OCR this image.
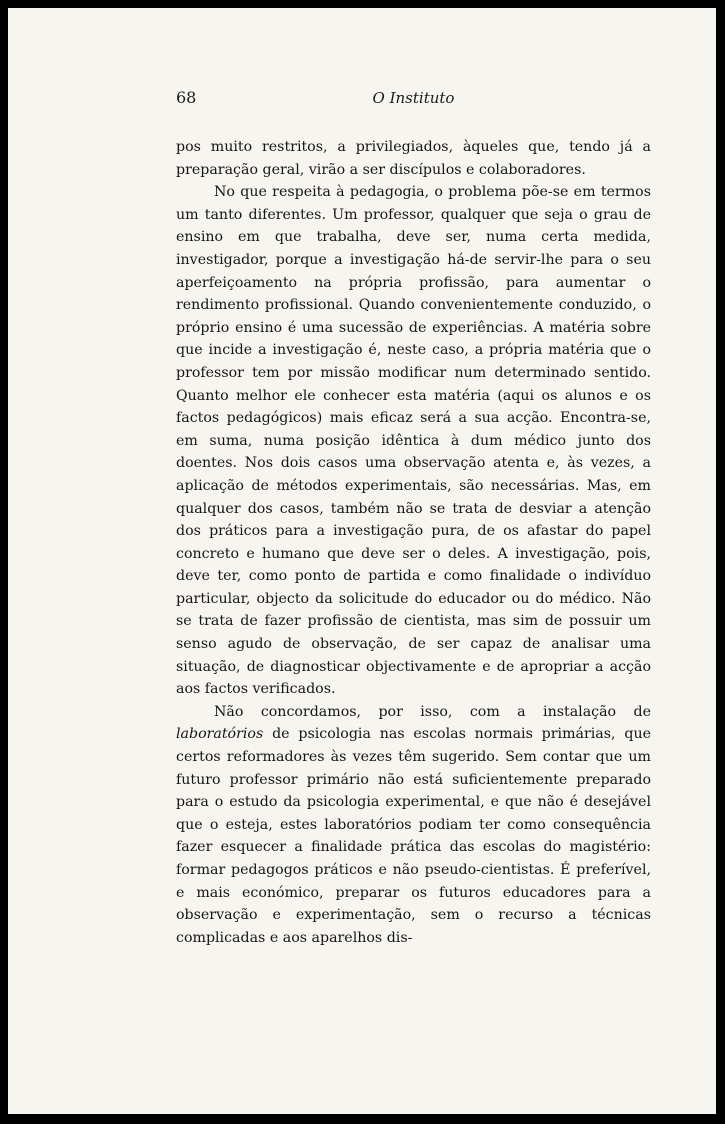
68	O Instituto

pos muito restritos, a privilegiados, àqueles que, tendo já a preparação geral, virão a ser discípulos e colaboradores.

No que respeita à pedagogia, o problema põe-se em termos um tanto diferentes. Um professor, qualquer que seja o grau de ensino em que trabalha, deve ser, numa certa medida, investigador, porque a investigação há-de servir-lhe para o seu aperfeiçoamento na própria profissão, para aumentar o rendimento profissional. Quando convenientemente conduzido, o próprio ensino é uma sucessão de experiências. A matéria sobre que incide a investigação é, neste caso, a própria matéria que o professor tem por missão modificar num determinado sentido. Quanto melhor ele conhecer esta matéria (aqui os alunos e os factos pedagógicos) mais eficaz será a sua acção. Encontra-se, em suma, numa posição idêntica à dum médico junto dos doentes. Nos dois casos uma observação atenta e, às vezes, a aplicação de métodos experimentais, são necessárias. Mas, em qualquer dos casos, também não se trata de desviar a atenção dos práticos para a investigação pura, de os afastar do papel concreto e humano que deve ser o deles. A investigação, pois, deve ter, como ponto de partida e como finalidade o indivíduo particular, objecto da solicitude do educador ou do médico. Não se trata de fazer profissão de cientista, mas sim de possuir um senso agudo de observação, de ser capaz de analisar uma situação, de diagnosticar objectivamente e de apropriar a acção aos factos verificados.

Não concordamos, por isso, com a instalação de laboratórios de psicologia nas escolas normais primárias, que certos reformadores às vezes têm sugerido. Sem contar que um futuro professor primário não está suficientemente preparado para o estudo da psicologia experimental, e que não é desejável que o esteja, estes laboratórios podiam ter como consequência fazer esquecer a finalidade prática das escolas do magistério: formar pedagogos práticos e não pseudo-cientistas. É preferível, e mais económico, preparar os futuros educadores para a observação e experimentação, sem o recurso a técnicas complicadas e aos aparelhos dis-
